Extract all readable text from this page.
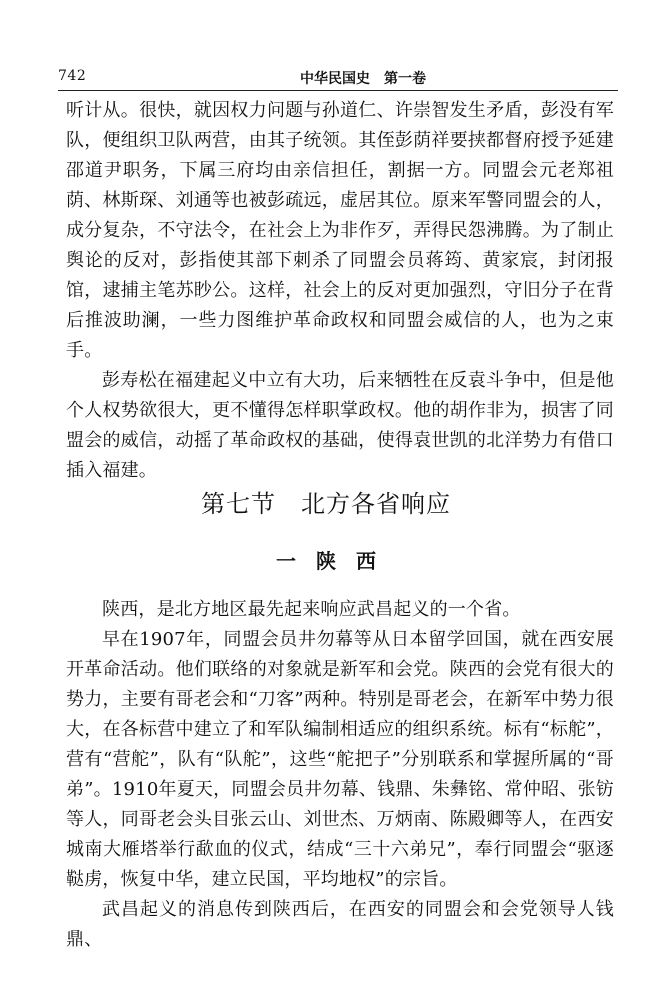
742	中华民国史　第一卷

听计从。很快，就因权力问题与孙道仁、许崇智发生矛盾，彭没有军队，便组织卫队两营，由其子统领。其侄彭荫祥要挟都督府授予延建邵道尹职务，下属三府均由亲信担任，割据一方。同盟会元老郑祖荫、林斯琛、刘通等也被彭疏远，虚居其位。原来军警同盟会的人，成分复杂，不守法令，在社会上为非作歹，弄得民怨沸腾。为了制止舆论的反对，彭指使其部下刺杀了同盟会员蒋筠、黄家宸，封闭报馆，逮捕主笔苏眇公。这样，社会上的反对更加强烈，守旧分子在背后推波助澜，一些力图维护革命政权和同盟会威信的人，也为之束手。

彭寿松在福建起义中立有大功，后来牺牲在反袁斗争中，但是他个人权势欲很大，更不懂得怎样职掌政权。他的胡作非为，损害了同盟会的威信，动摇了革命政权的基础，使得袁世凯的北洋势力有借口插入福建。

第七节　北方各省响应
一　陕　西

陕西，是北方地区最先起来响应武昌起义的一个省。

早在1907年，同盟会员井勿幕等从日本留学回国，就在西安展开革命活动。他们联络的对象就是新军和会党。陕西的会党有很大的势力，主要有哥老会和“刀客”两种。特别是哥老会，在新军中势力很大，在各标营中建立了和军队编制相适应的组织系统。标有“标舵”，营有“营舵”，队有“队舵”，这些“舵把子”分别联系和掌握所属的“哥弟”。1910年夏天，同盟会员井勿幕、钱鼎、朱彝铭、常仲昭、张钫等人，同哥老会头目张云山、刘世杰、万炳南、陈殿卿等人，在西安城南大雁塔举行歃血的仪式，结成“三十六弟兄”，奉行同盟会“驱逐鞑虏，恢复中华，建立民国，平均地权”的宗旨。

武昌起义的消息传到陕西后，在西安的同盟会和会党领导人钱鼎、
